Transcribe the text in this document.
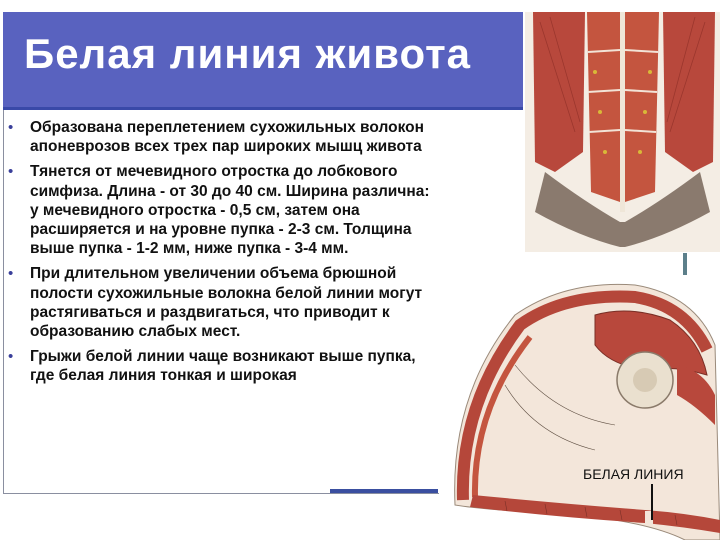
Белая линия живота
•	Образована переплетением сухожильных волокон апоневрозов всех трех пар широких мышц живота
•	Тянется от мечевидного отростка до лобкового симфиза. Длина - от 30 до 40 см. Ширина различна: у мечевидного отростка - 0,5 см, затем она расширяется и на уровне пупка - 2-3 см. Толщина выше пупка - 1-2 мм, ниже пупка - 3-4 мм.
•	При длительном увеличении объема брюшной полости сухожильные волокна белой линии могут растягиваться и раздвигаться, что приводит к образованию слабых мест.
•	Грыжи белой линии чаще возникают выше пупка, где белая линия тонкая и широкая
БЕЛАЯ ЛИНИЯ
